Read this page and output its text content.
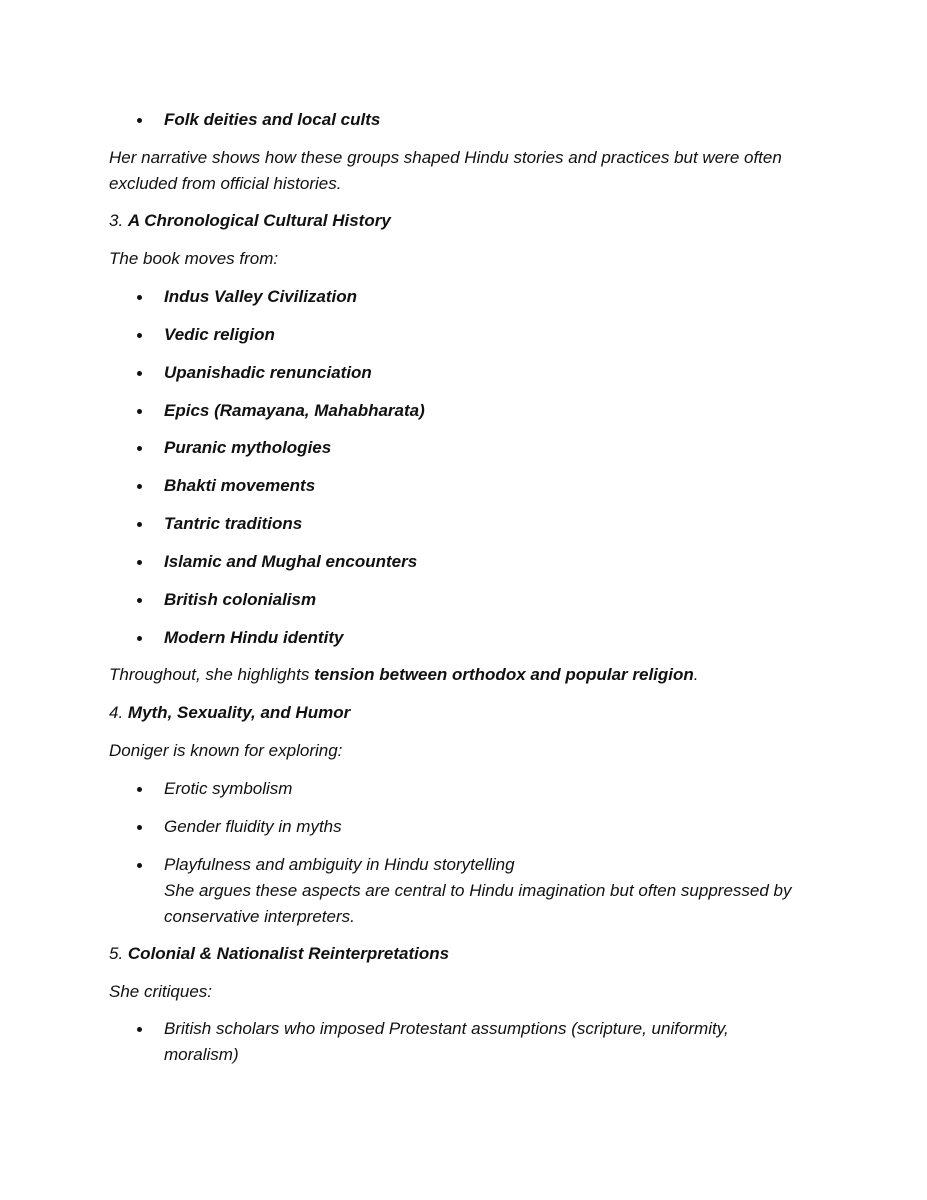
Folk deities and local cults
Her narrative shows how these groups shaped Hindu stories and practices but were often
excluded from official histories.
3. A Chronological Cultural History
The book moves from:
Indus Valley Civilization
Vedic religion
Upanishadic renunciation
Epics (Ramayana, Mahabharata)
Puranic mythologies
Bhakti movements
Tantric traditions
Islamic and Mughal encounters
British colonialism
Modern Hindu identity
Throughout, she highlights tension between orthodox and popular religion.
4. Myth, Sexuality, and Humor
Doniger is known for exploring:
Erotic symbolism
Gender fluidity in myths
Playfulness and ambiguity in Hindu storytelling
She argues these aspects are central to Hindu imagination but often suppressed by
conservative interpreters.
5. Colonial & Nationalist Reinterpretations
She critiques:
British scholars who imposed Protestant assumptions (scripture, uniformity,
moralism)
